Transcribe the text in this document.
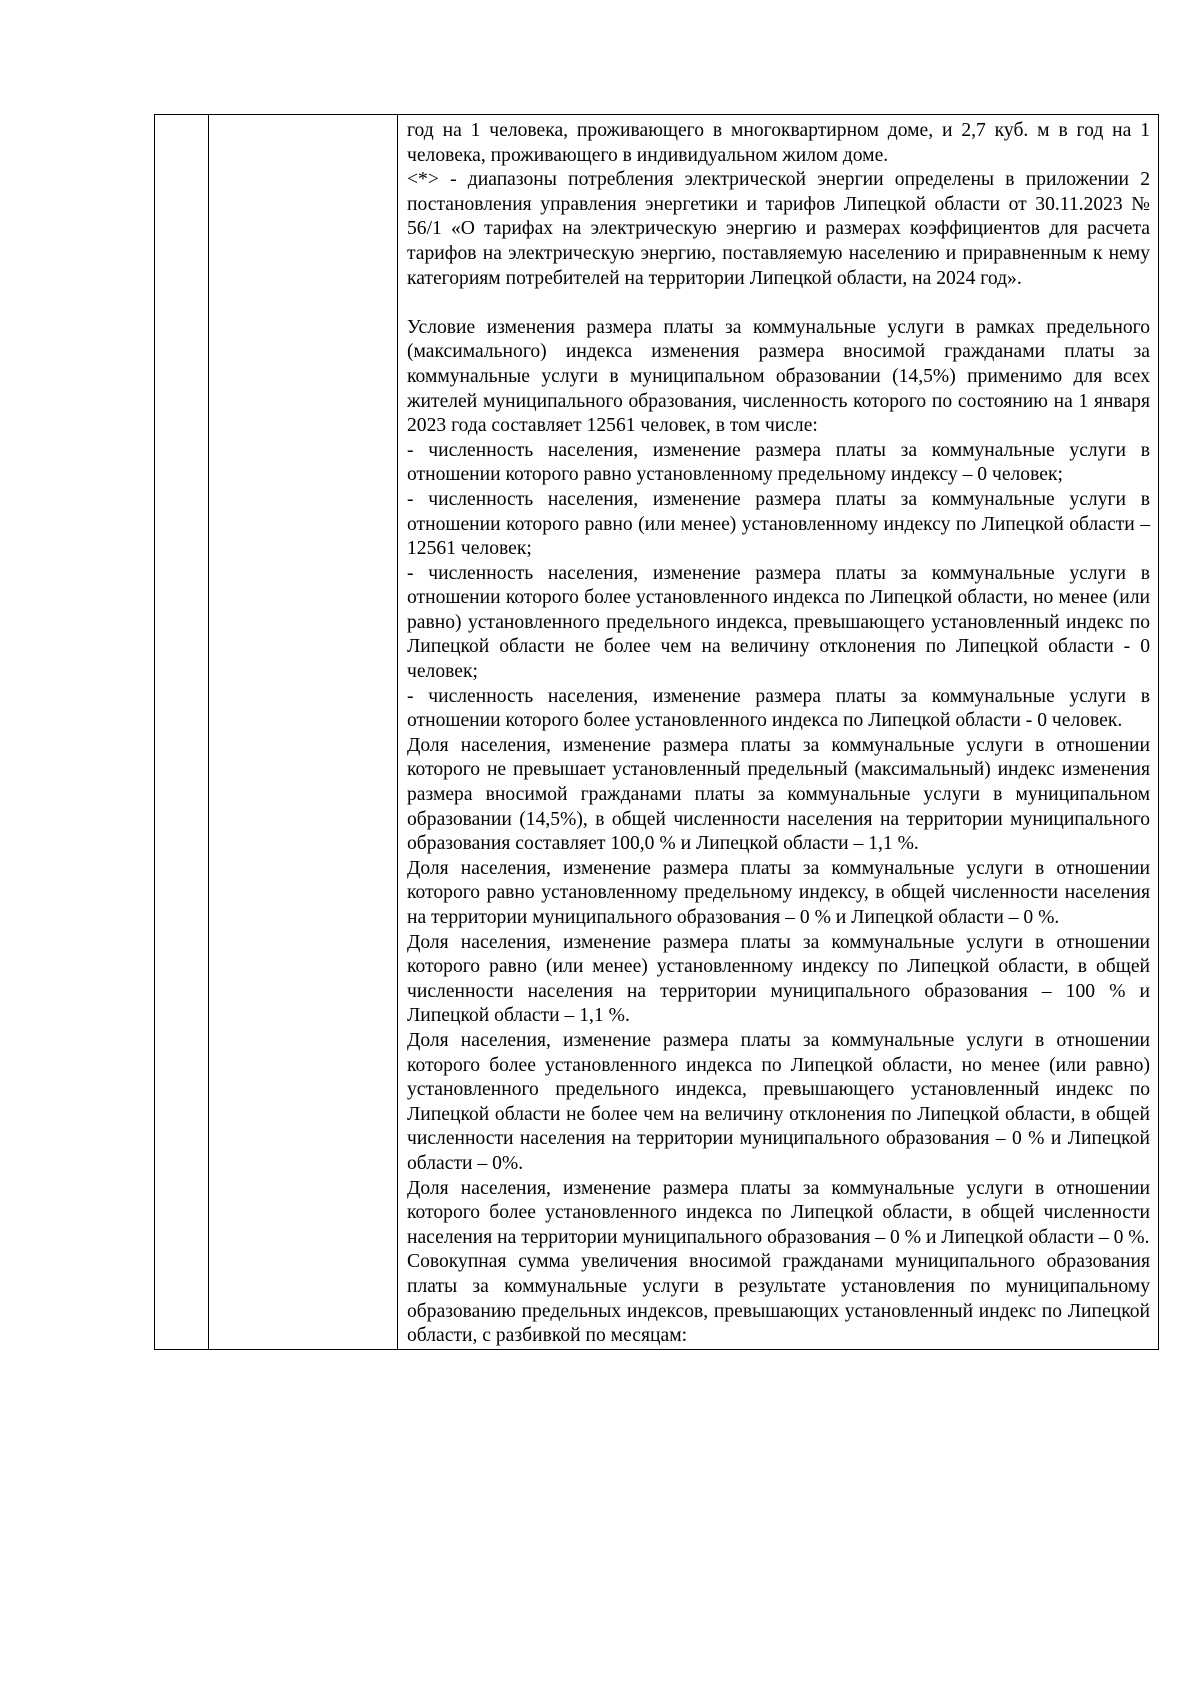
год на 1 человека, проживающего в многоквартирном доме, и 2,7 куб. м в год на 1 человека, проживающего в индивидуальном жилом доме.

<*> - диапазоны потребления электрической энергии определены в приложении 2 постановления управления энергетики и тарифов Липецкой области от 30.11.2023 № 56/1 «О тарифах на электрическую энергию и размерах коэффициентов для расчета тарифов на электрическую энергию, поставляемую населению и приравненным к нему категориям потребителей на территории Липецкой области, на 2024 год».

Условие изменения размера платы за коммунальные услуги в рамках предельного (максимального) индекса изменения размера вносимой гражданами платы за коммунальные услуги в муниципальном образовании (14,5%) применимо для всех жителей муниципального образования, численность которого по состоянию на 1 января 2023 года составляет 12561 человек, в том числе:

- численность населения, изменение размера платы за коммунальные услуги в отношении которого равно установленному предельному индексу – 0 человек;

- численность населения, изменение размера платы за коммунальные услуги в отношении которого равно (или менее) установленному индексу по Липецкой области – 12561 человек;

- численность населения, изменение размера платы за коммунальные услуги в отношении которого более установленного индекса по Липецкой области, но менее (или равно) установленного предельного индекса, превышающего установленный индекс по Липецкой области не более чем на величину отклонения по Липецкой области - 0 человек;

- численность населения, изменение размера платы за коммунальные услуги в отношении которого более установленного индекса по Липецкой области - 0 человек.

Доля населения, изменение размера платы за коммунальные услуги в отношении которого не превышает установленный предельный (максимальный) индекс изменения размера вносимой гражданами платы за коммунальные услуги в муниципальном образовании (14,5%), в общей численности населения на территории муниципального образования составляет 100,0 % и Липецкой области – 1,1 %.

Доля населения, изменение размера платы за коммунальные услуги в отношении которого равно установленному предельному индексу, в общей численности населения на территории муниципального образования – 0 % и Липецкой области – 0 %.

Доля населения, изменение размера платы за коммунальные услуги в отношении которого равно (или менее) установленному индексу по Липецкой области, в общей численности населения на территории муниципального образования – 100 % и Липецкой области – 1,1 %.

Доля населения, изменение размера платы за коммунальные услуги в отношении которого более установленного индекса по Липецкой области, но менее (или равно) установленного предельного индекса, превышающего установленный индекс по Липецкой области не более чем на величину отклонения по Липецкой области, в общей численности населения на территории муниципального образования – 0 % и Липецкой области – 0%.

Доля населения, изменение размера платы за коммунальные услуги в отношении которого более установленного индекса по Липецкой области, в общей численности населения на территории муниципального образования – 0 % и Липецкой области – 0 %.

Совокупная сумма увеличения вносимой гражданами муниципального образования платы за коммунальные услуги в результате установления по муниципальному образованию предельных индексов, превышающих установленный индекс по Липецкой области, с разбивкой по месяцам:
